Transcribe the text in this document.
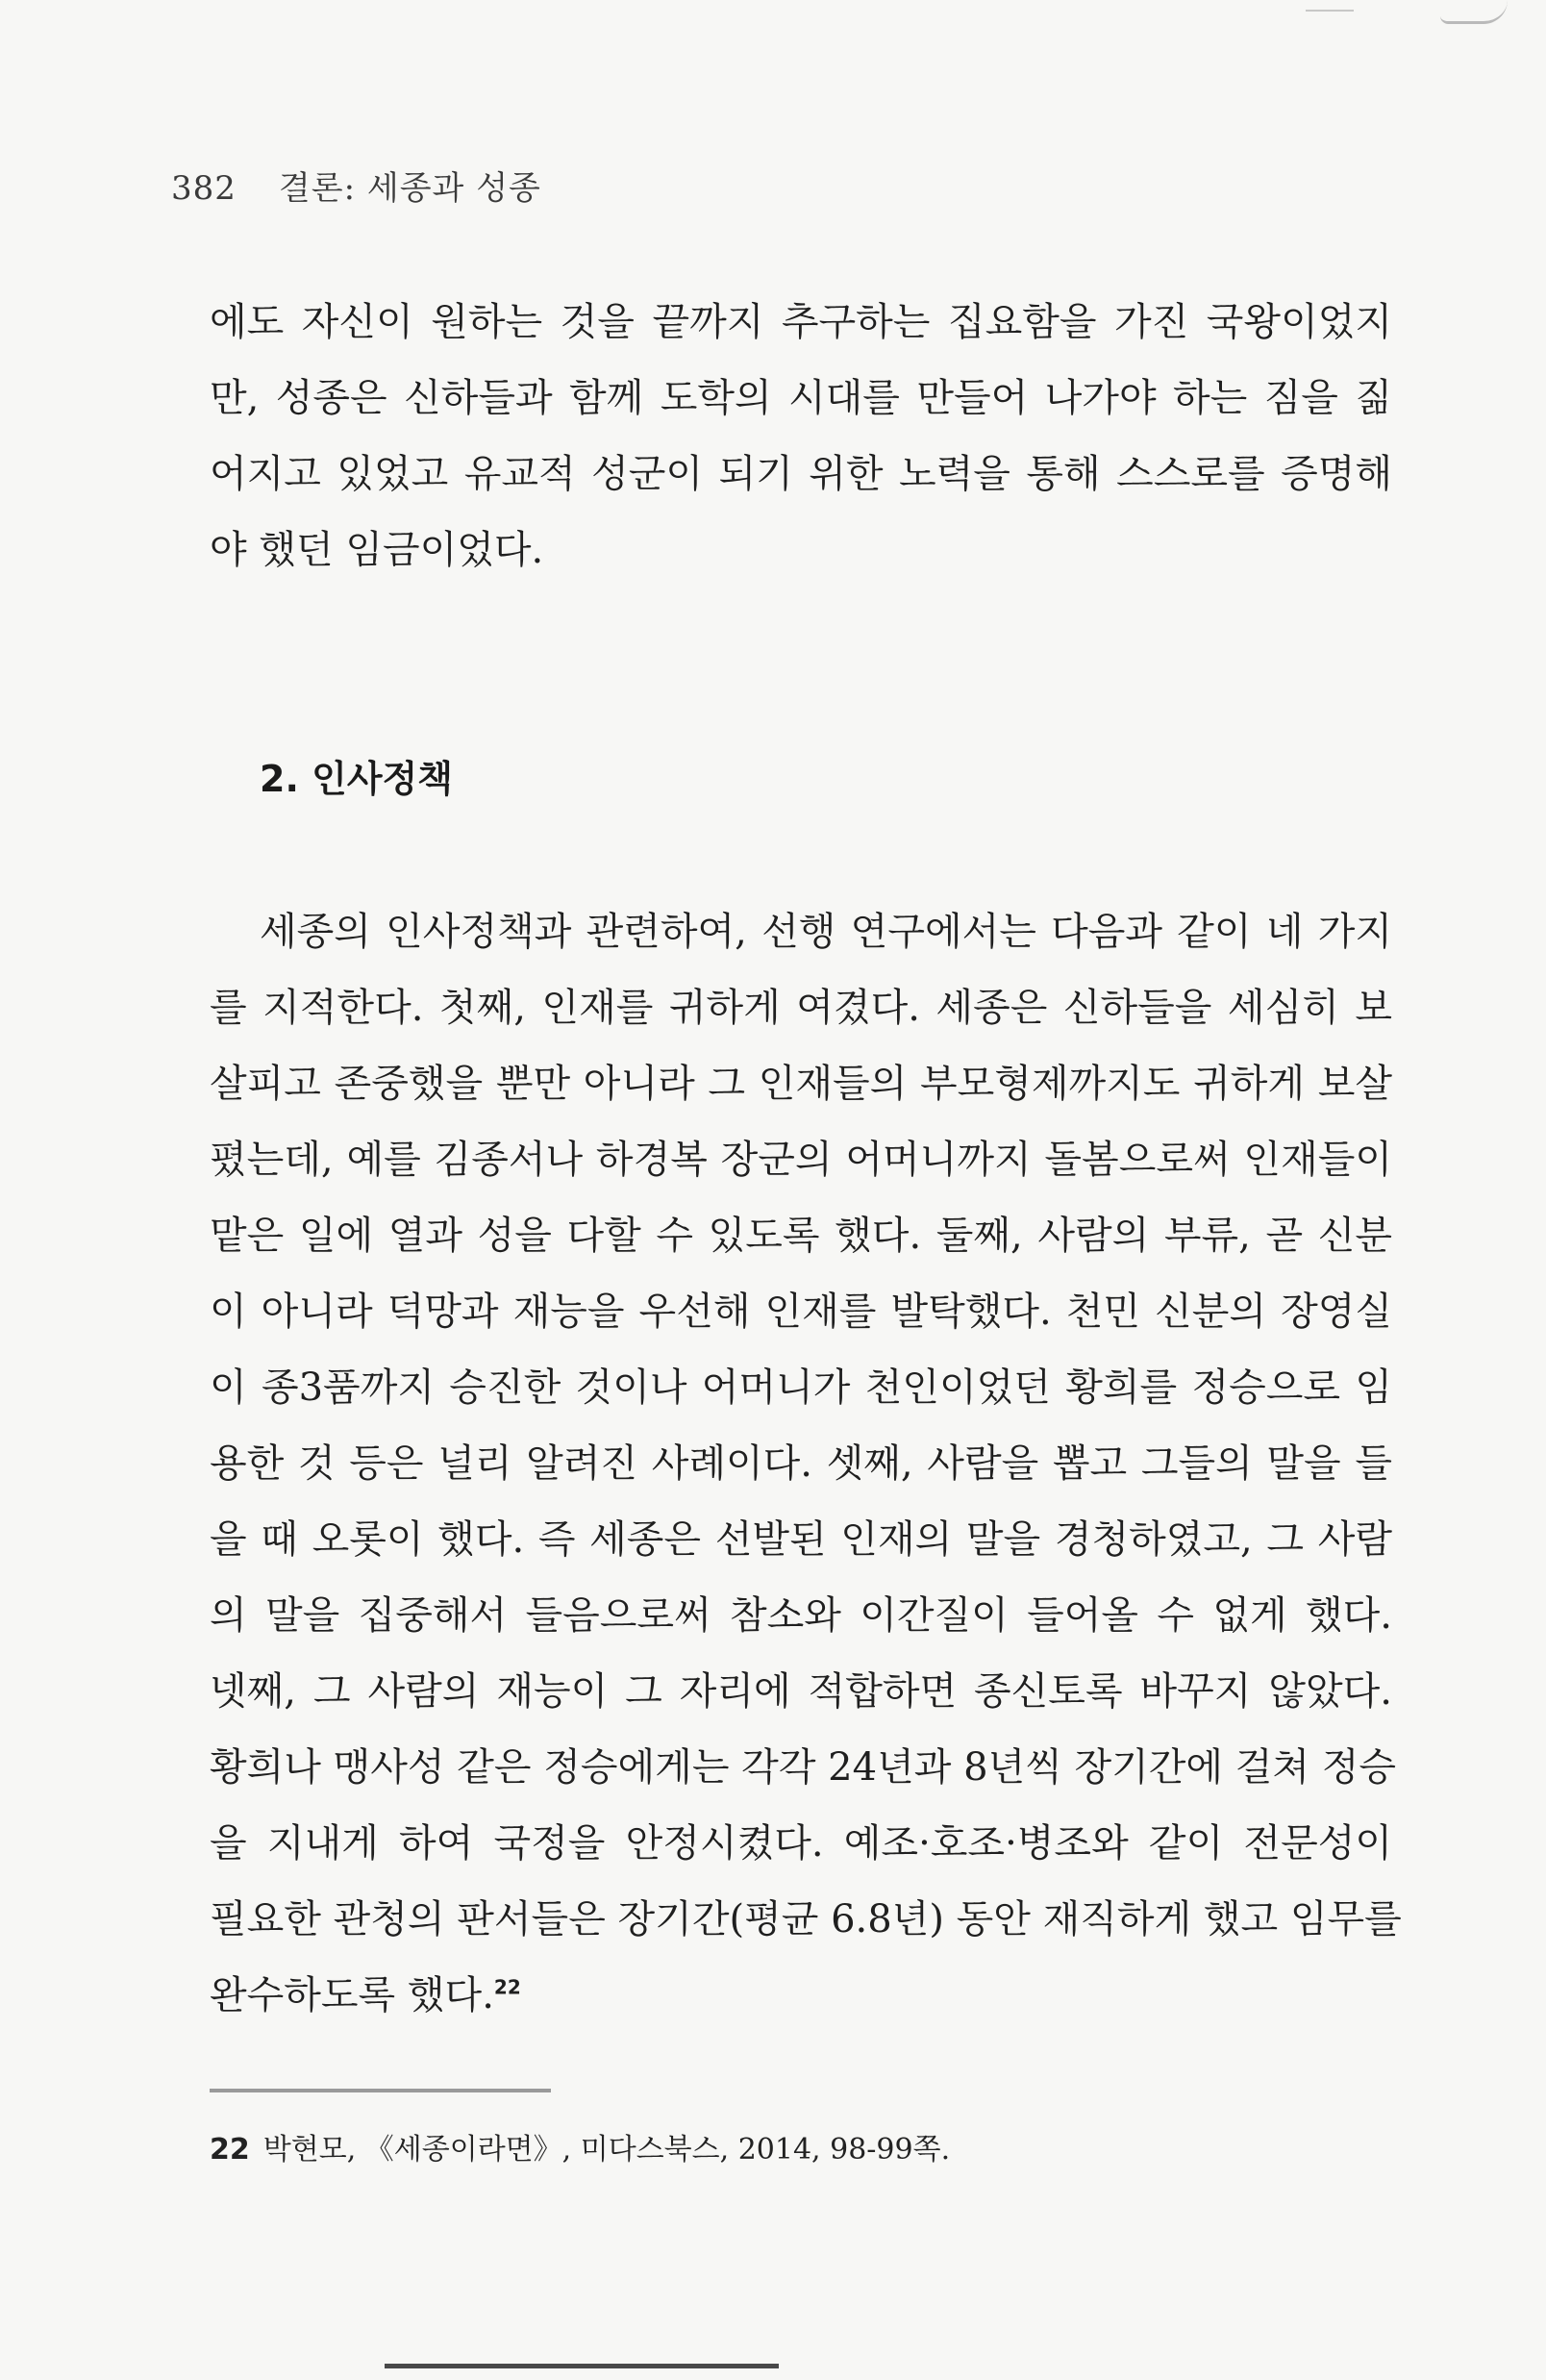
382 결론: 세종과 성종
에도 자신이 원하는 것을 끝까지 추구하는 집요함을 가진 국왕이었지
만, 성종은 신하들과 함께 도학의 시대를 만들어 나가야 하는 짐을 짊
어지고 있었고 유교적 성군이 되기 위한 노력을 통해 스스로를 증명해
야 했던 임금이었다.
2. 인사정책
세종의 인사정책과 관련하여, 선행 연구에서는 다음과 같이 네 가지
를 지적한다. 첫째, 인재를 귀하게 여겼다. 세종은 신하들을 세심히 보
살피고 존중했을 뿐만 아니라 그 인재들의 부모형제까지도 귀하게 보살
폈는데, 예를 김종서나 하경복 장군의 어머니까지 돌봄으로써 인재들이
맡은 일에 열과 성을 다할 수 있도록 했다. 둘째, 사람의 부류, 곧 신분
이 아니라 덕망과 재능을 우선해 인재를 발탁했다. 천민 신분의 장영실
이 종3품까지 승진한 것이나 어머니가 천인이었던 황희를 정승으로 임
용한 것 등은 널리 알려진 사례이다. 셋째, 사람을 뽑고 그들의 말을 들
을 때 오롯이 했다. 즉 세종은 선발된 인재의 말을 경청하였고, 그 사람
의 말을 집중해서 들음으로써 참소와 이간질이 들어올 수 없게 했다.
넷째, 그 사람의 재능이 그 자리에 적합하면 종신토록 바꾸지 않았다.
황희나 맹사성 같은 정승에게는 각각 24년과 8년씩 장기간에 걸쳐 정승
을 지내게 하여 국정을 안정시켰다. 예조·호조·병조와 같이 전문성이
필요한 관청의 판서들은 장기간(평균 6.8년) 동안 재직하게 했고 임무를
완수하도록 했다.$^{22}$
22 박현모, 《세종이라면》, 미다스북스, 2014, 98-99쪽.
